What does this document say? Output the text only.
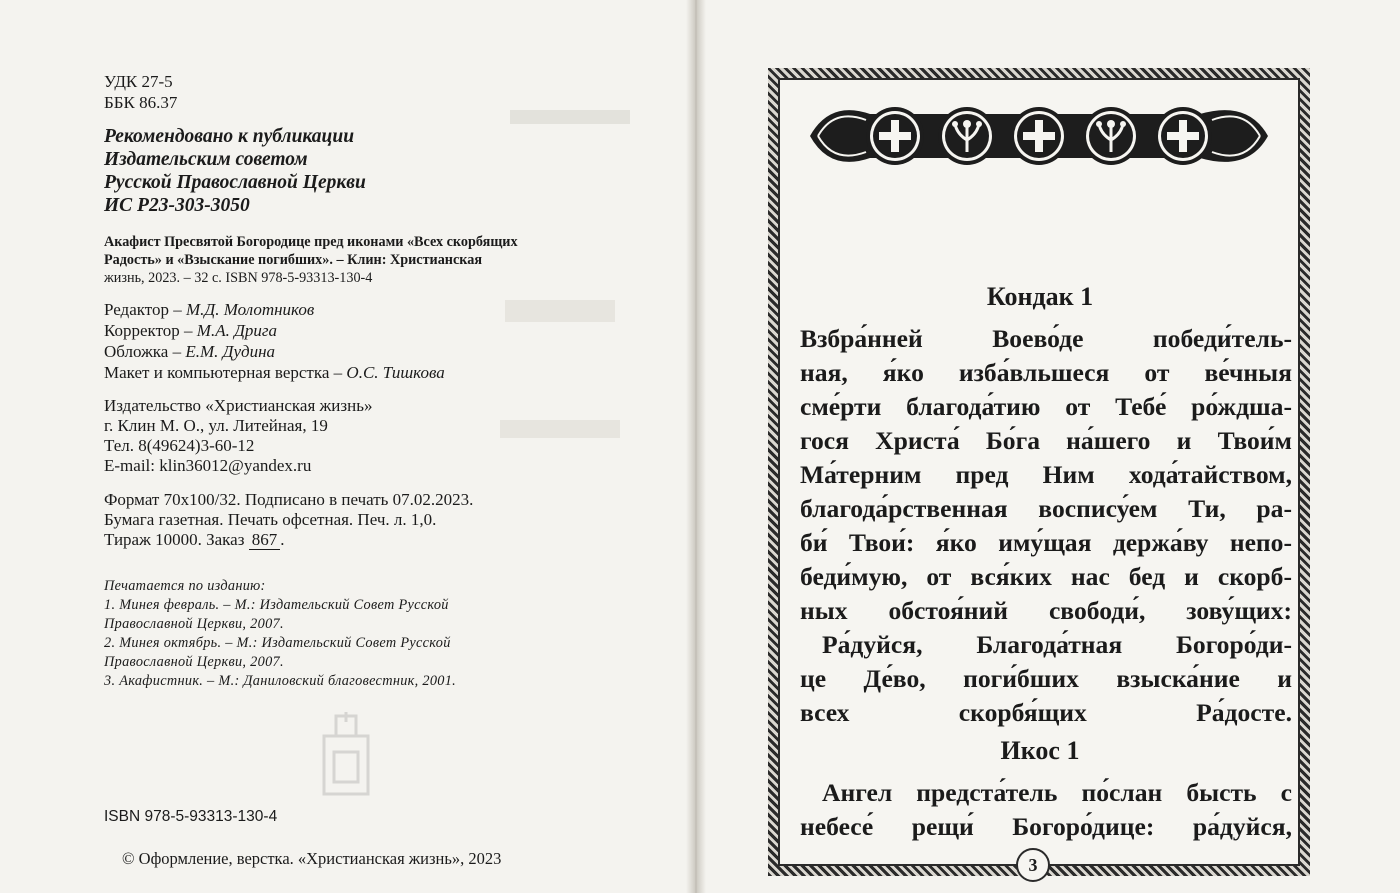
УДК 27-5
ББК 86.37
Рекомендовано к публикации
Издательским советом
Русской Православной Церкви
ИС Р23-303-3050
Акафист Пресвятой Богородице пред иконами «Всех скорбящих
Радость» и «Взыскание погибших». – Клин: Христианская
жизнь, 2023. – 32 с. ISBN 978-5-93313-130-4
Редактор – М.Д. Молотников
Корректор – М.А. Дрига
Обложка – Е.М. Дудина
Макет и компьютерная верстка – О.С. Тишкова
Издательство «Христианская жизнь»
г. Клин М. О., ул. Литейная, 19
Тел. 8(49624)3-60-12
E-mail: klin36012@yandex.ru
Формат 70х100/32. Подписано в печать 07.02.2023.
Бумага газетная. Печать офсетная. Печ. л. 1,0.
Тираж 10000. Заказ 867 .
Печатается по изданию:
1. Минея февраль. – М.: Издательский Совет Русской
Православной Церкви, 2007.
2. Минея октябрь. – М.: Издательский Совет Русской
Православной Церкви, 2007.
3. Акафистник. – М.: Даниловский благовестник, 2001.
ISBN 978-5-93313-130-4
© Оформление, верстка. «Христианская жизнь», 2023
Кондак 1
Взбра́нней Воево́де победи́тель-
ная, я́ко изба́вльшеся от ве́чныя
сме́рти благода́тию от Тебе́ ро́ждша-
гося Христа́ Бо́га на́шего и Твои́м
Ма́терним пред Ним хода́тайством,
благода́рственная воспису́ем Ти, ра-
би́ Твои́: я́ко иму́щая держа́ву непо-
беди́мую, от вся́ких нас бед и скорб-
ных обстоя́ний свободи́, зову́щих:
Ра́дуйся, Благода́тная Богоро́ди-
це Де́во, поги́бших взыска́ние и
всех скорбя́щих Ра́досте.
Икос 1
Ангел предста́тель по́слан бысть с
небесе́ рещи́ Богоро́дице: ра́дуйся,
3
